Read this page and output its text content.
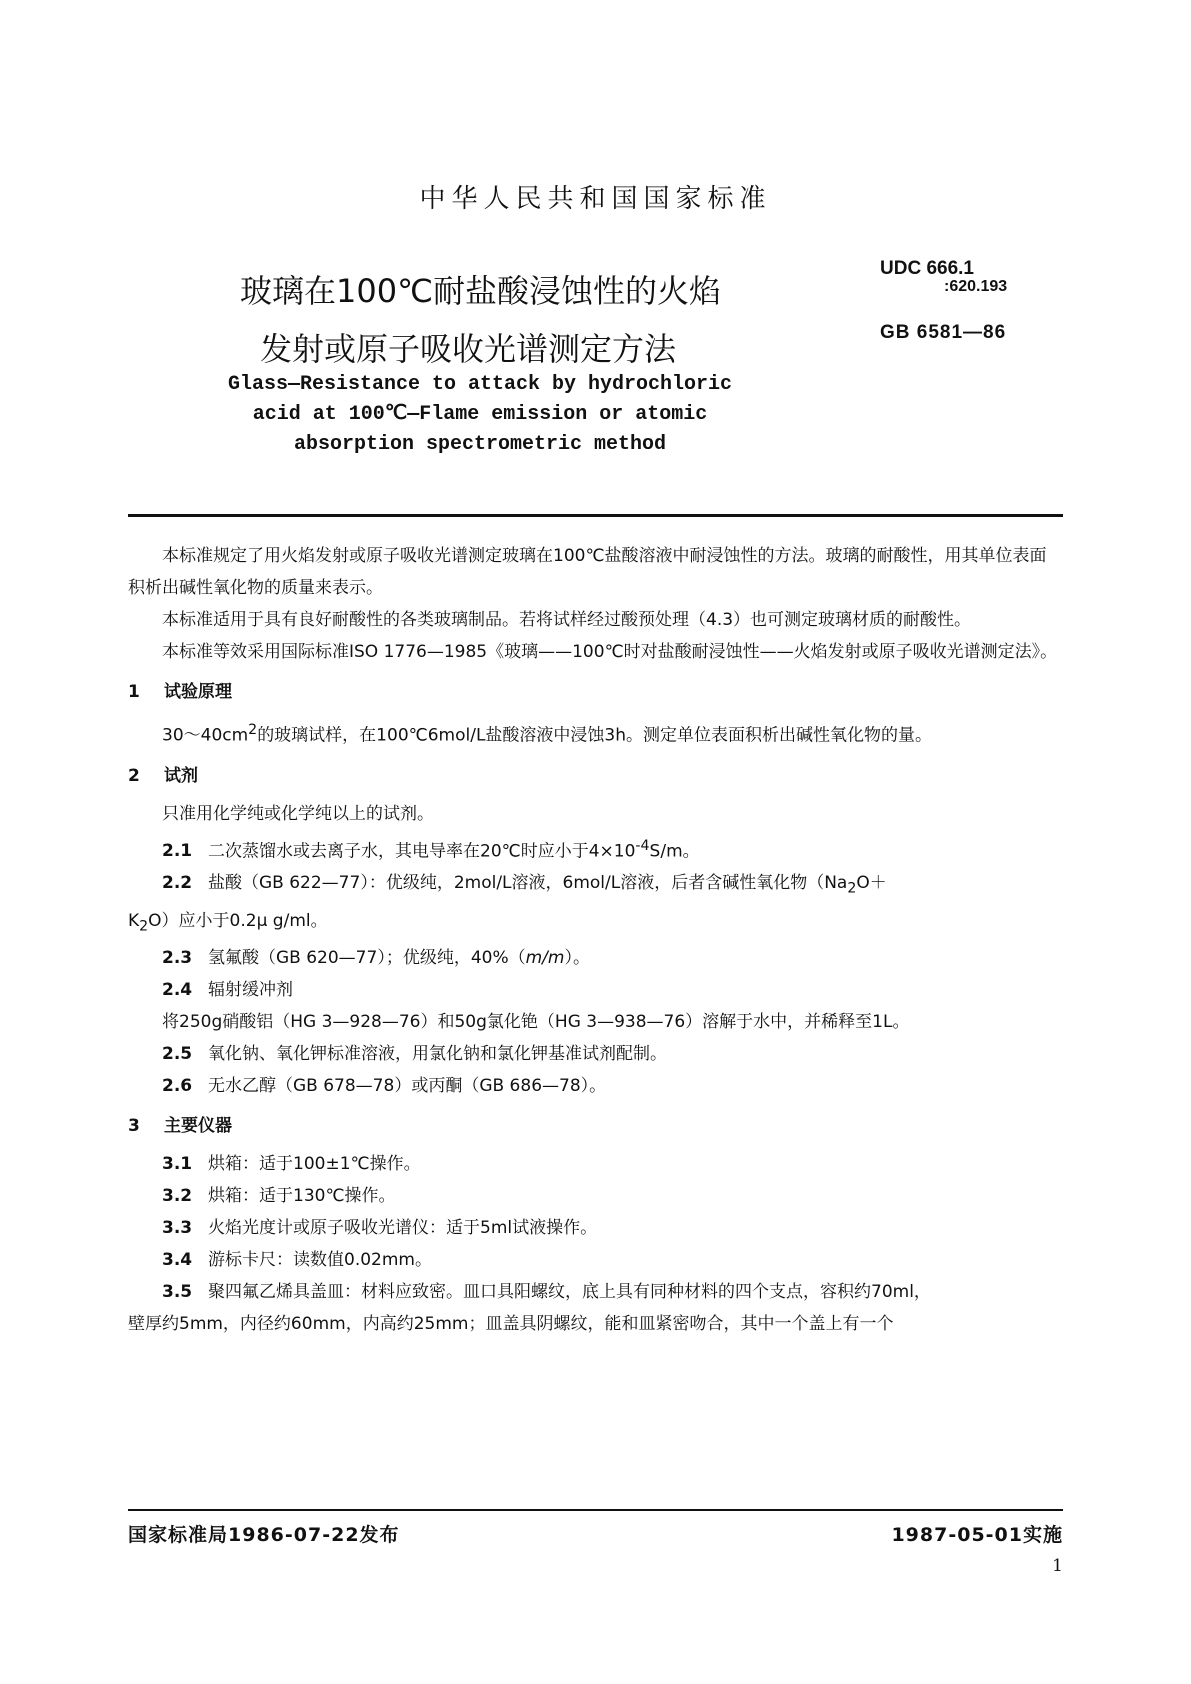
中华人民共和国国家标准
玻璃在100℃耐盐酸浸蚀性的火焰
发射或原子吸收光谱测定方法
UDC 666.1
:620.193
GB 6581—86
Glass—Resistance to attack by hydrochloric
acid at 100℃—Flame emission or atomic
absorption spectrometric method

本标准规定了用火焰发射或原子吸收光谱测定玻璃在100℃盐酸溶液中耐浸蚀性的方法。玻璃的耐酸性，用其单位表面积析出碱性氧化物的质量来表示。

本标准适用于具有良好耐酸性的各类玻璃制品。若将试样经过酸预处理（4.3）也可测定玻璃材质的耐酸性。

本标准等效采用国际标准ISO 1776—1985《玻璃——100℃时对盐酸耐浸蚀性——火焰发射或原子吸收光谱测定法》。

1 试验原理

$30\sim 40cm^2$的玻璃试样，在100℃6mol/L盐酸溶液中浸蚀3h。测定单位表面积析出碱性氧化物的量。

2 试剂

只准用化学纯或化学纯以上的试剂。

2.1 二次蒸馏水或去离子水，其电导率在20℃时应小于$4\times 10^{-4}S/m$。

2.2 盐酸（GB 622—77）：优级纯，2mol/L溶液，6mol/L溶液，后者含碱性氧化物（$Na_2O+$

$K_2O$）应小于0.2μ g/ml。

2.3 氢氟酸（GB 620—77）；优级纯，40%（m/m）。

2.4 辐射缓冲剂

将250g硝酸铝（HG 3—928—76）和50g氯化铯（HG 3—938—76）溶解于水中，并稀释至1L。

2.5 氧化钠、氧化钾标准溶液，用氯化钠和氯化钾基准试剂配制。

2.6 无水乙醇（GB 678—78）或丙酮（GB 686—78）。

3 主要仪器

3.1 烘箱：适于100±1℃操作。

3.2 烘箱：适于130℃操作。

3.3 火焰光度计或原子吸收光谱仪：适于5ml试液操作。

3.4 游标卡尺：读数值0.02mm。

3.5 聚四氟乙烯具盖皿：材料应致密。皿口具阳螺纹，底上具有同种材料的四个支点，容积约70ml，

壁厚约5mm，内径约60mm，内高约25mm；皿盖具阴螺纹，能和皿紧密吻合，其中一个盖上有一个

国家标准局1986-07-22发布	1987-05-01实施
1
